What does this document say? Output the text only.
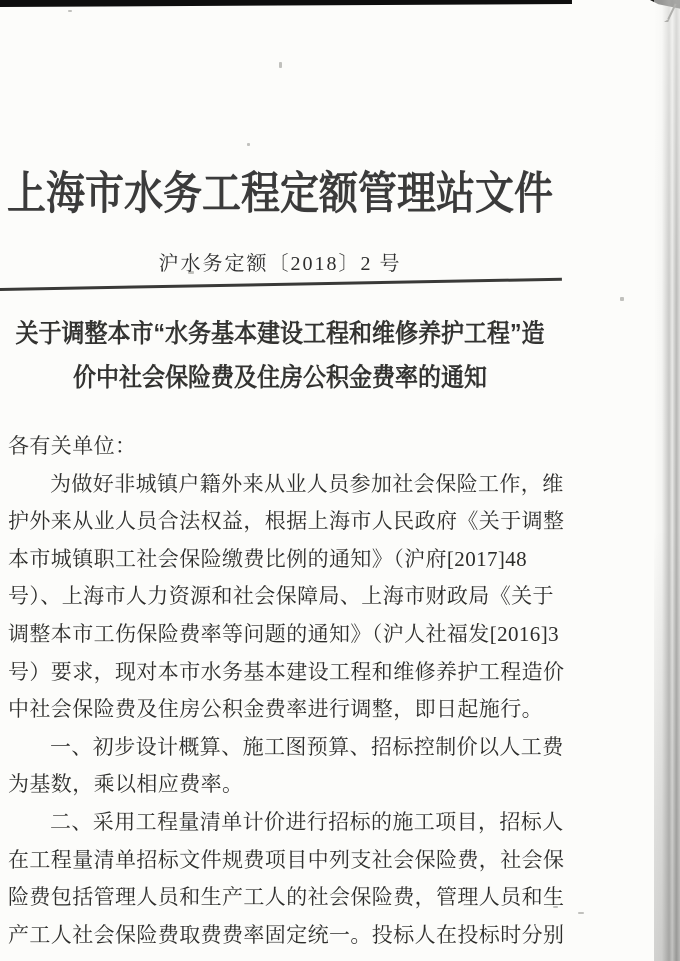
上海市水务工程定额管理站文件
沪水务定额〔2018〕2 号
关于调整本市“水务基本建设工程和维修养护工程”造
价中社会保险费及住房公积金费率的通知
各有关单位：
为做好非城镇户籍外来从业人员参加社会保险工作，维
护外来从业人员合法权益，根据上海市人民政府《关于调整
本市城镇职工社会保险缴费比例的通知》（沪府[2017]48
号）、上海市人力资源和社会保障局、上海市财政局《关于
调整本市工伤保险费率等问题的通知》（沪人社福发[2016]3
号）要求，现对本市水务基本建设工程和维修养护工程造价
中社会保险费及住房公积金费率进行调整，即日起施行。
一、初步设计概算、施工图预算、招标控制价以人工费
为基数，乘以相应费率。
二、采用工程量清单计价进行招标的施工项目，招标人
在工程量清单招标文件规费项目中列支社会保险费，社会保
险费包括管理人员和生产工人的社会保险费，管理人员和生
产工人社会保险费取费费率固定统一。投标人在投标时分别
